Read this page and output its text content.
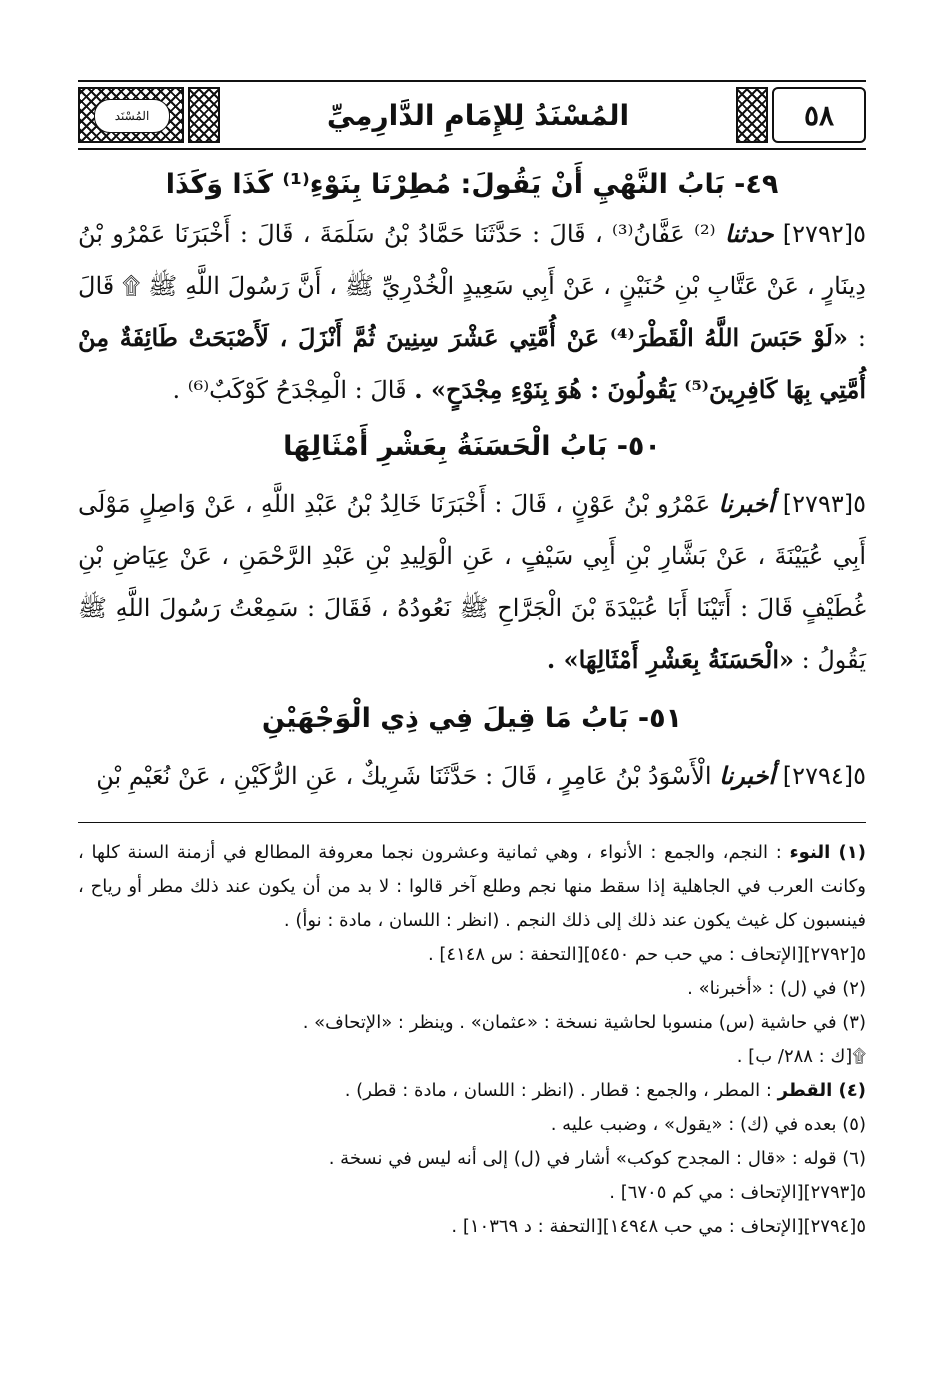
المُسْنَد	المُسْنَدُ لِلإِمَامِ الدَّارِمِيِّ	٥٨

٤٩- بَابُ النَّهْيِ أَنْ يَقُولَ: مُطِرْنَا بِنَوْءِ⁽¹⁾ كَذَا وَكَذَا

٥[٢٧٩٢] حدثنا ⁽²⁾ عَفَّانُ⁽³⁾ ، قَالَ : حَدَّثَنَا حَمَّادُ بْنُ سَلَمَةَ ، قَالَ : أَخْبَرَنَا عَمْرُو بْنُ دِينَارٍ ، عَنْ عَتَّابِ بْنِ حُنَيْنٍ ، عَنْ أَبِي سَعِيدٍ الْخُدْرِيِّ ﷺ ، أَنَّ رَسُولَ اللَّهِ ﷺ ۩ قَالَ : «لَوْ حَبَسَ اللَّهُ الْقَطْرَ⁽⁴⁾ عَنْ أُمَّتِي عَشْرَ سِنِينَ ثُمَّ أَنْزَلَ ، لَأَصْبَحَتْ طَائِفَةٌ مِنْ أُمَّتِي بِهَا كَافِرِينَ⁽⁵⁾ يَقُولُونَ : هُوَ بِنَوْءِ مِجْدَحٍ» . قَالَ : الْمِجْدَحُ كَوْكَبٌ⁽⁶⁾ .

٥٠- بَابُ الْحَسَنَةُ بِعَشْرِ أَمْثَالِهَا

٥[٢٧٩٣] أخبرنا عَمْرُو بْنُ عَوْنٍ ، قَالَ : أَخْبَرَنَا خَالِدُ بْنُ عَبْدِ اللَّهِ ، عَنْ وَاصِلٍ مَوْلَى أَبِي عُيَيْنَةَ ، عَنْ بَشَّارِ بْنِ أَبِي سَيْفٍ ، عَنِ الْوَلِيدِ بْنِ عَبْدِ الرَّحْمَنِ ، عَنْ عِيَاضِ بْنِ غُطَيْفٍ قَالَ : أَتَيْنَا أَبَا عُبَيْدَةَ بْنَ الْجَرَّاحِ ﷺ نَعُودُهُ ، فَقَالَ : سَمِعْتُ رَسُولَ اللَّهِ ﷺ يَقُولُ : «الْحَسَنَةُ بِعَشْرِ أَمْثَالِهَا» .

٥١- بَابُ مَا قِيلَ فِي ذِي الْوَجْهَيْنِ

٥[٢٧٩٤] أخبرنا الْأَسْوَدُ بْنُ عَامِرٍ ، قَالَ : حَدَّثَنَا شَرِيكٌ ، عَنِ الرُّكَيْنِ ، عَنْ نُعَيْمِ بْنِ

(١) النوء : النجم، والجمع : الأنواء ، وهي ثمانية وعشرون نجما معروفة المطالع في أزمنة السنة كلها ، وكانت العرب في الجاهلية إذا سقط منها نجم وطلع آخر قالوا : لا بد من أن يكون عند ذلك مطر أو رياح ، فينسبون كل غيث يكون عند ذلك إلى ذلك النجم . (انظر : اللسان ، مادة : نوأ) .

٥[٢٧٩٢][الإتحاف : مي حب حم ٥٤٥٠][التحفة : س ٤١٤٨] .

(٢) في (ل) : «أخبرنا» .

(٣) في حاشية (س) منسوبا لحاشية نسخة : «عثمان» . وينظر : «الإتحاف» .

۩[ك : ٢٨٨/ ب] .

(٤) القطر : المطر ، والجمع : قطار . (انظر : اللسان ، مادة : قطر) .

(٥) بعده في (ك) : «يقول» ، وضبب عليه .

(٦) قوله : «قال : المجدح كوكب» أشار في (ل) إلى أنه ليس في نسخة .

٥[٢٧٩٣][الإتحاف : مي كم ٦٧٠٥] .

٥[٢٧٩٤][الإتحاف : مي حب ١٤٩٤٨][التحفة : د ١٠٣٦٩] .
